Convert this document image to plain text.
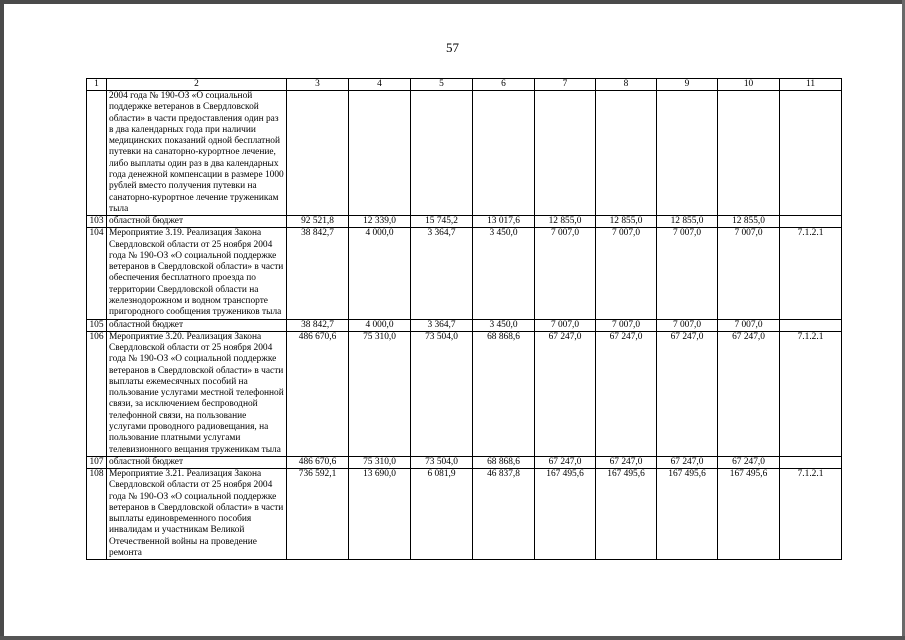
57
1	2	3	4	5	6	7	8	9	10	11
	2004 года № 190-ОЗ «О социальной поддержке ветеранов в Свердловской области» в части предоставления один раз в два календарных года при наличии медицинских показаний одной бесплатной путевки на санаторно-курортное лечение, либо выплаты один раз в два календарных года денежной компенсации в размере 1000 рублей вместо получения путевки на санаторно-курортное лечение труженикам тыла									
103	областной бюджет	92 521,8	12 339,0	15 745,2	13 017,6	12 855,0	12 855,0	12 855,0	12 855,0	
104	Мероприятие 3.19. Реализация Закона Свердловской области от 25 ноября 2004 года № 190-ОЗ «О социальной поддержке ветеранов в Свердловской области» в части обеспечения бесплатного проезда по территории Свердловской области на железнодорожном и водном транспорте пригородного сообщения тружеников тыла	38 842,7	4 000,0	3 364,7	3 450,0	7 007,0	7 007,0	7 007,0	7 007,0	7.1.2.1
105	областной бюджет	38 842,7	4 000,0	3 364,7	3 450,0	7 007,0	7 007,0	7 007,0	7 007,0	
106	Мероприятие 3.20. Реализация Закона Свердловской области от 25 ноября 2004 года № 190-ОЗ «О социальной поддержке ветеранов в Свердловской области» в части выплаты ежемесячных пособий на пользование услугами местной телефонной связи, за исключением беспроводной телефонной связи, на пользование услугами проводного радиовещания, на пользование платными услугами телевизионного вещания труженикам тыла	486 670,6	75 310,0	73 504,0	68 868,6	67 247,0	67 247,0	67 247,0	67 247,0	7.1.2.1
107	областной бюджет	486 670,6	75 310,0	73 504,0	68 868,6	67 247,0	67 247,0	67 247,0	67 247,0	
108	Мероприятие 3.21. Реализация Закона Свердловской области от 25 ноября 2004 года № 190-ОЗ «О социальной поддержке ветеранов в Свердловской области» в части выплаты единовременного пособия инвалидам и участникам Великой Отечественной войны на проведение ремонта	736 592,1	13 690,0	6 081,9	46 837,8	167 495,6	167 495,6	167 495,6	167 495,6	7.1.2.1
